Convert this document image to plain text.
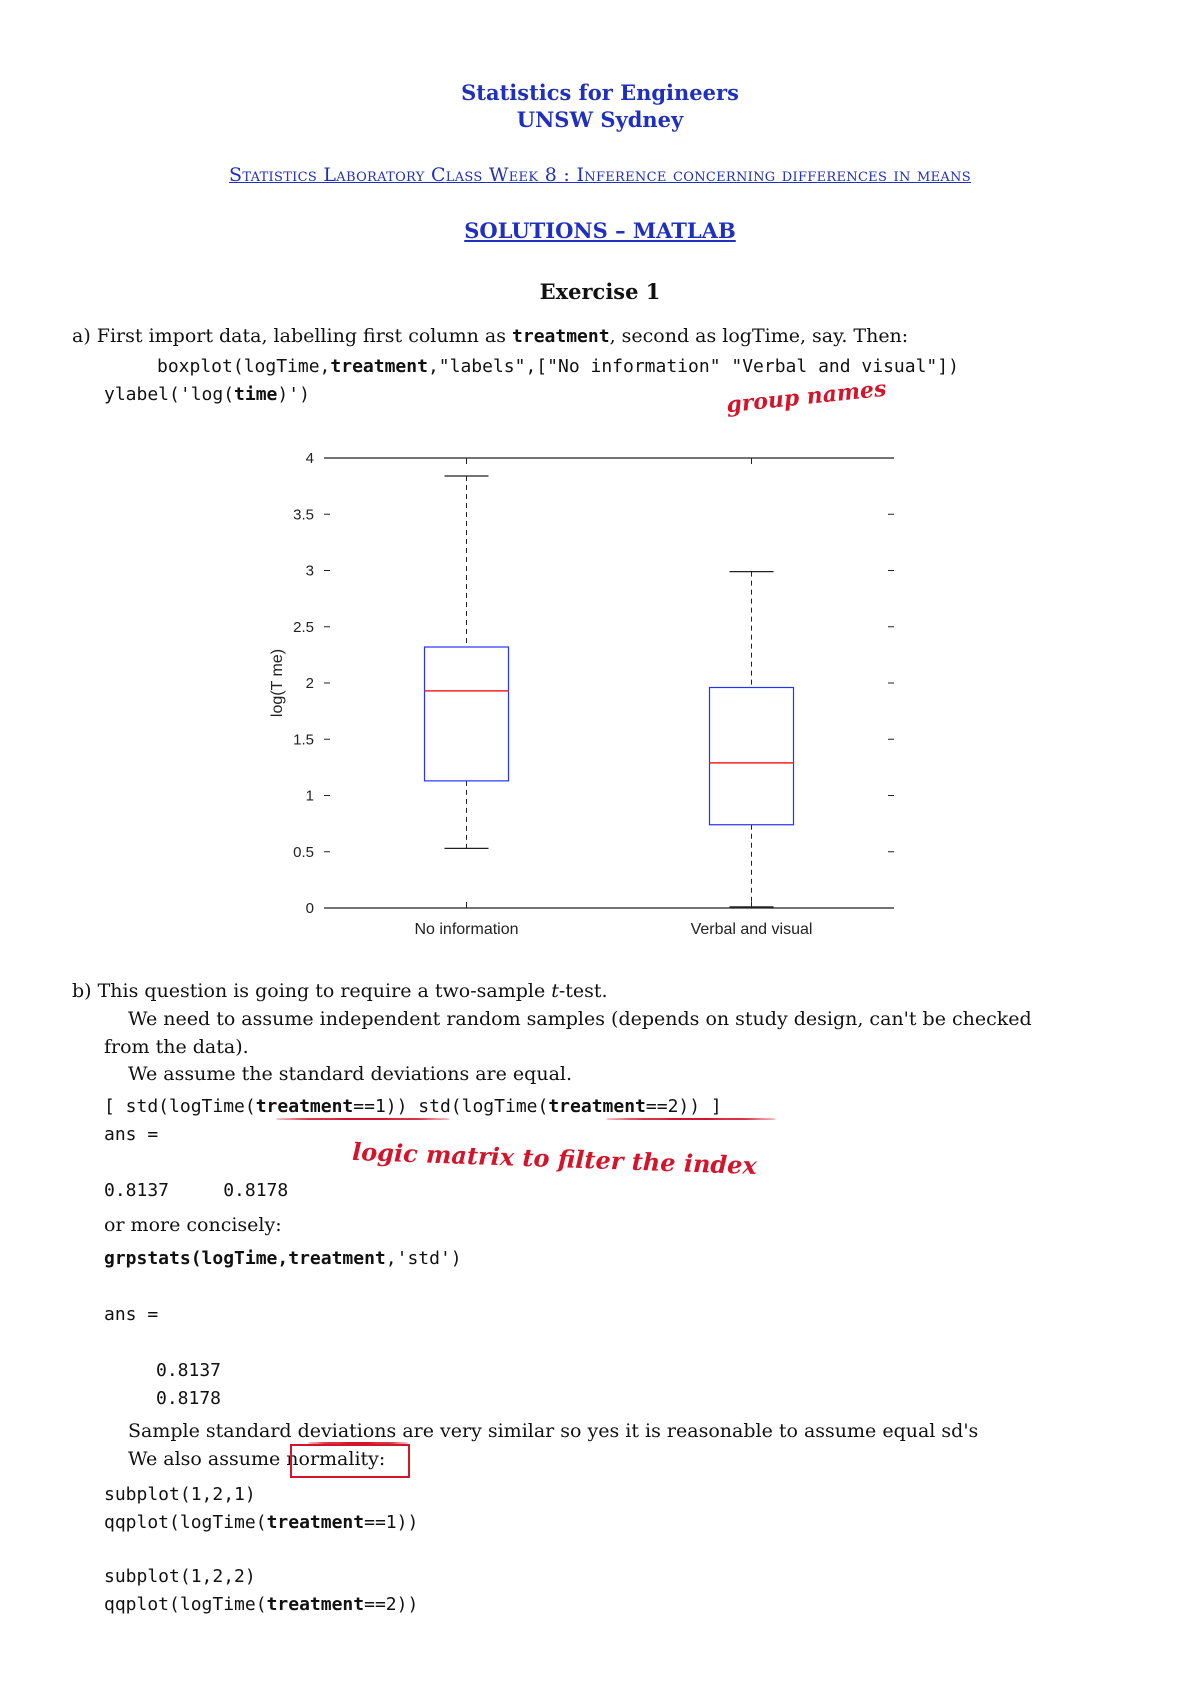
Statistics for Engineers
UNSW Sydney
Statistics Laboratory Class Week 8 : Inference concerning differences in means
SOLUTIONS – MATLAB
Exercise 1
a) First import data, labelling first column as treatment, second as logTime, say. Then:
boxplot(logTime,treatment,"labels",["No information" "Verbal and visual"])
ylabel('log(time)')	group names
0
0.5
1
1.5
2
2.5
3
3.5
4
log(T me)
No information	Verbal and visual
b) This question is going to require a two-sample t-test.
We need to assume independent random samples (depends on study design, can't be checked
from the data).
We assume the standard deviations are equal.
[ std(logTime(treatment==1)) std(logTime(treatment==2)) ]
ans =
logic matrix to filter the index
0.8137     0.8178
or more concisely:
grpstats(logTime,treatment,'std')
ans =
0.8137
0.8178
Sample standard deviations are very similar so yes it is reasonable to assume equal sd's
We also assume normality:
subplot(1,2,1)
qqplot(logTime(treatment==1))
subplot(1,2,2)
qqplot(logTime(treatment==2))
